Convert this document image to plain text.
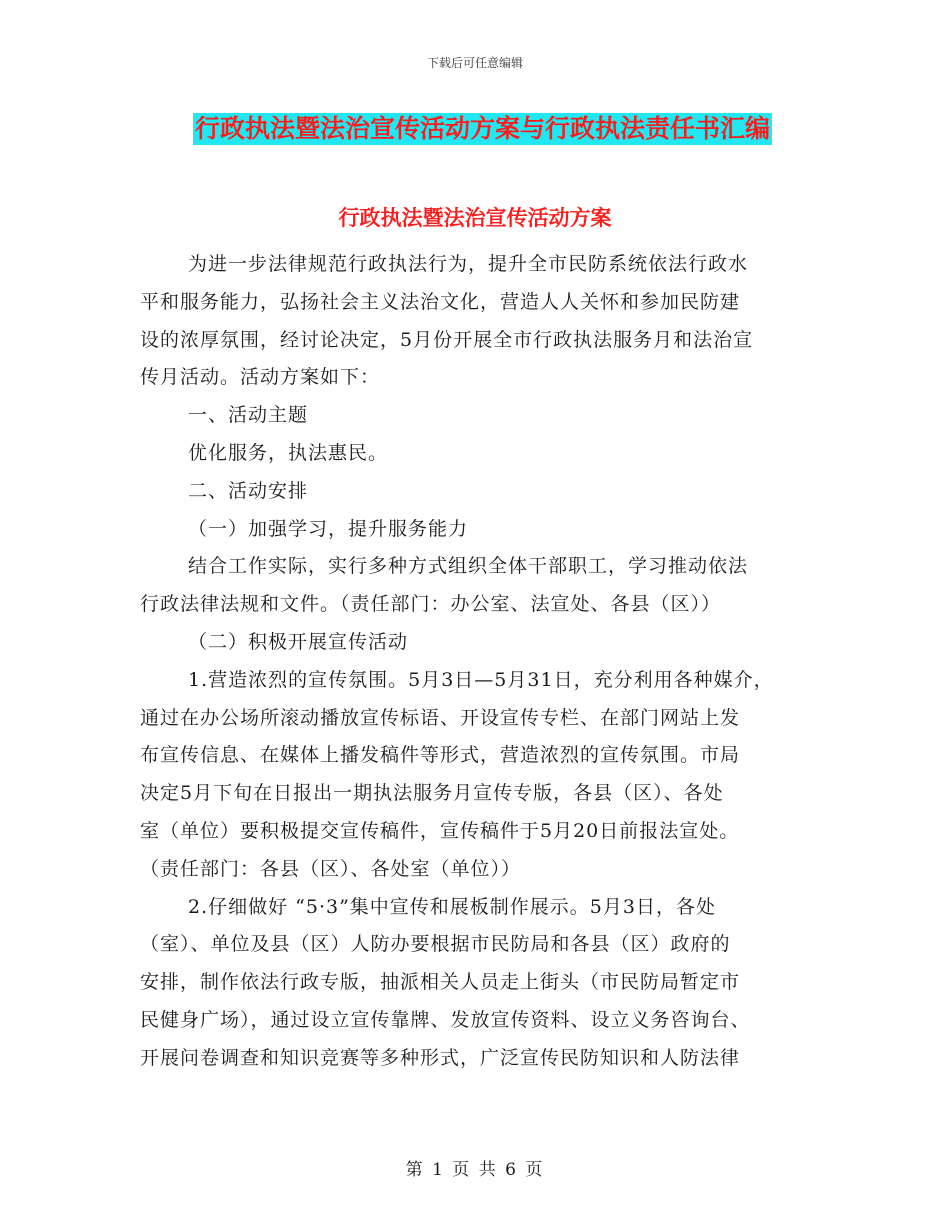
下载后可任意编辑
行政执法暨法治宣传活动方案与行政执法责任书汇编
行政执法暨法治宣传活动方案
为进一步法律规范行政执法行为，提升全市民防系统依法行政水
平和服务能力，弘扬社会主义法治文化，营造人人关怀和参加民防建
设的浓厚氛围，经讨论决定，5月份开展全市行政执法服务月和法治宣
传月活动。活动方案如下：
一、活动主题
优化服务，执法惠民。
二、活动安排
（一）加强学习，提升服务能力
结合工作实际，实行多种方式组织全体干部职工，学习推动依法
行政法律法规和文件。（责任部门：办公室、法宣处、各县（区））
（二）积极开展宣传活动
1.营造浓烈的宣传氛围。5月3日—5月31日，充分利用各种媒介，
通过在办公场所滚动播放宣传标语、开设宣传专栏、在部门网站上发
布宣传信息、在媒体上播发稿件等形式，营造浓烈的宣传氛围。市局
决定5月下旬在日报出一期执法服务月宣传专版，各县（区）、各处
室（单位）要积极提交宣传稿件，宣传稿件于5月20日前报法宣处。
（责任部门：各县（区）、各处室（单位））
2.仔细做好 “5·3”集中宣传和展板制作展示。5月3日，各处
（室）、单位及县（区）人防办要根据市民防局和各县（区）政府的
安排，制作依法行政专版，抽派相关人员走上街头（市民防局暂定市
民健身广场），通过设立宣传靠牌、发放宣传资料、设立义务咨询台、
开展问卷调查和知识竞赛等多种形式，广泛宣传民防知识和人防法律
第 1 页 共 6 页
